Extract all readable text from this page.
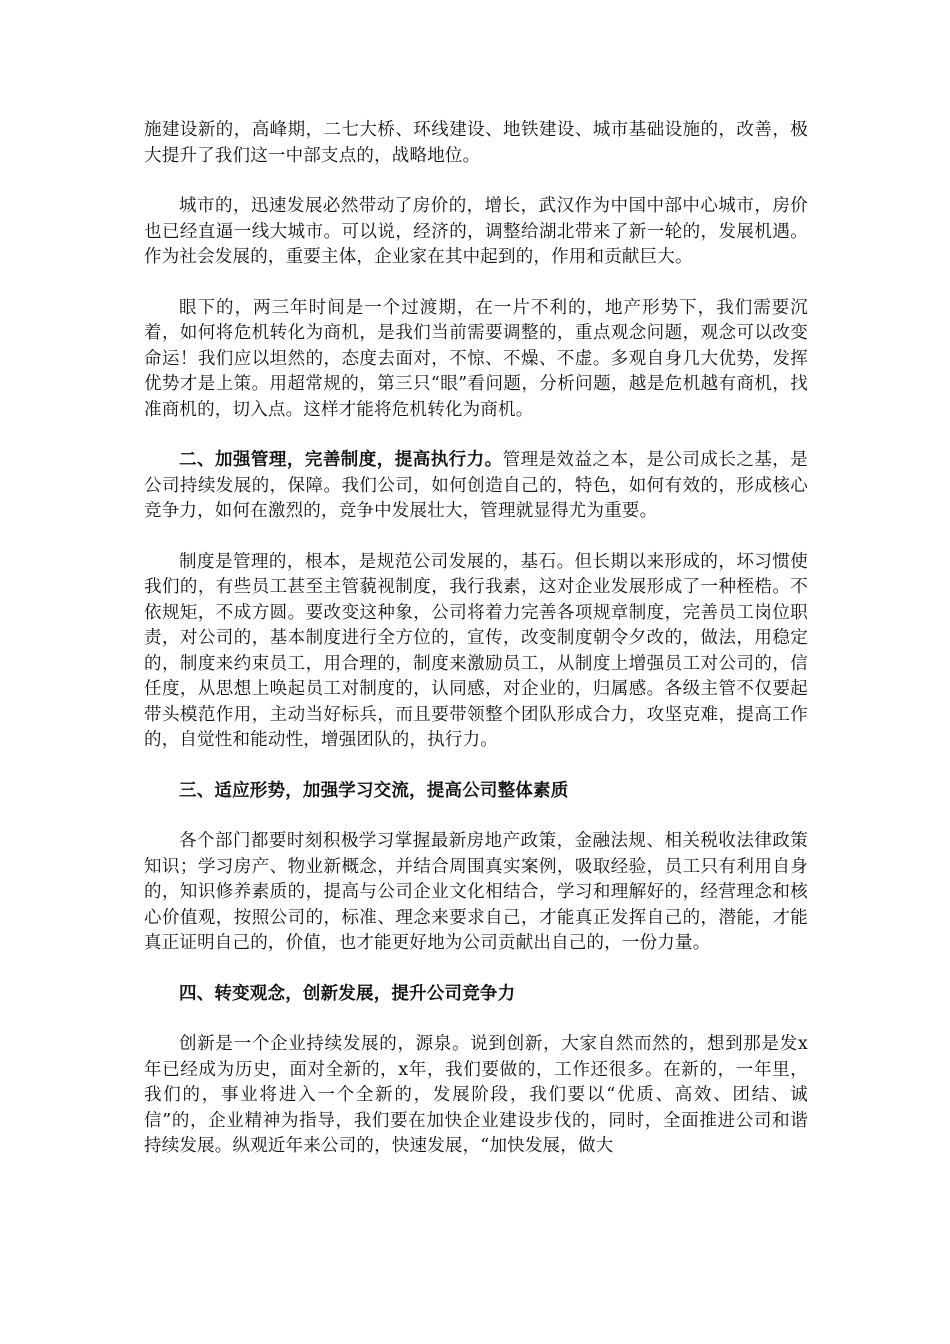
施建设新的，高峰期，二七大桥、环线建设、地铁建设、城市基础设施的，改善，极大提升了我们这一中部支点的，战略地位。

城市的，迅速发展必然带动了房价的，增长，武汉作为中国中部中心城市，房价也已经直逼一线大城市。可以说，经济的，调整给湖北带来了新一轮的，发展机遇。作为社会发展的，重要主体，企业家在其中起到的，作用和贡献巨大。

眼下的，两三年时间是一个过渡期，在一片不利的，地产形势下，我们需要沉着，如何将危机转化为商机，是我们当前需要调整的，重点观念问题，观念可以改变命运！我们应以坦然的，态度去面对，不惊、不燥、不虚。多观自身几大优势，发挥优势才是上策。用超常规的，第三只“眼”看问题，分析问题，越是危机越有商机，找准商机的，切入点。这样才能将危机转化为商机。

二、加强管理，完善制度，提高执行力。管理是效益之本，是公司成长之基，是公司持续发展的，保障。我们公司，如何创造自己的，特色，如何有效的，形成核心竞争力，如何在激烈的，竞争中发展壮大，管理就显得尤为重要。

制度是管理的，根本，是规范公司发展的，基石。但长期以来形成的，坏习惯使我们的，有些员工甚至主管藐视制度，我行我素，这对企业发展形成了一种桎梏。不依规矩，不成方圆。要改变这种象，公司将着力完善各项规章制度，完善员工岗位职责，对公司的，基本制度进行全方位的，宣传，改变制度朝令夕改的，做法，用稳定的，制度来约束员工，用合理的，制度来激励员工，从制度上增强员工对公司的，信任度，从思想上唤起员工对制度的，认同感，对企业的，归属感。各级主管不仅要起带头模范作用，主动当好标兵，而且要带领整个团队形成合力，攻坚克难，提高工作的，自觉性和能动性，增强团队的，执行力。

三、适应形势，加强学习交流，提高公司整体素质

各个部门都要时刻积极学习掌握最新房地产政策，金融法规、相关税收法律政策知识；学习房产、物业新概念，并结合周围真实案例，吸取经验，员工只有利用自身的，知识修养素质的，提高与公司企业文化相结合，学习和理解好的，经营理念和核心价值观，按照公司的，标准、理念来要求自己，才能真正发挥自己的，潜能，才能真正证明自己的，价值，也才能更好地为公司贡献出自己的，一份力量。

四、转变观念，创新发展，提升公司竞争力

创新是一个企业持续发展的，源泉。说到创新，大家自然而然的，想到那是发x年已经成为历史，面对全新的，x年，我们要做的，工作还很多。在新的，一年里，我们的，事业将进入一个全新的，发展阶段，我们要以“优质、高效、团结、诚信”的，企业精神为指导，我们要在加快企业建设步伐的，同时，全面推进公司和谐持续发展。纵观近年来公司的，快速发展，“加快发展，做大
